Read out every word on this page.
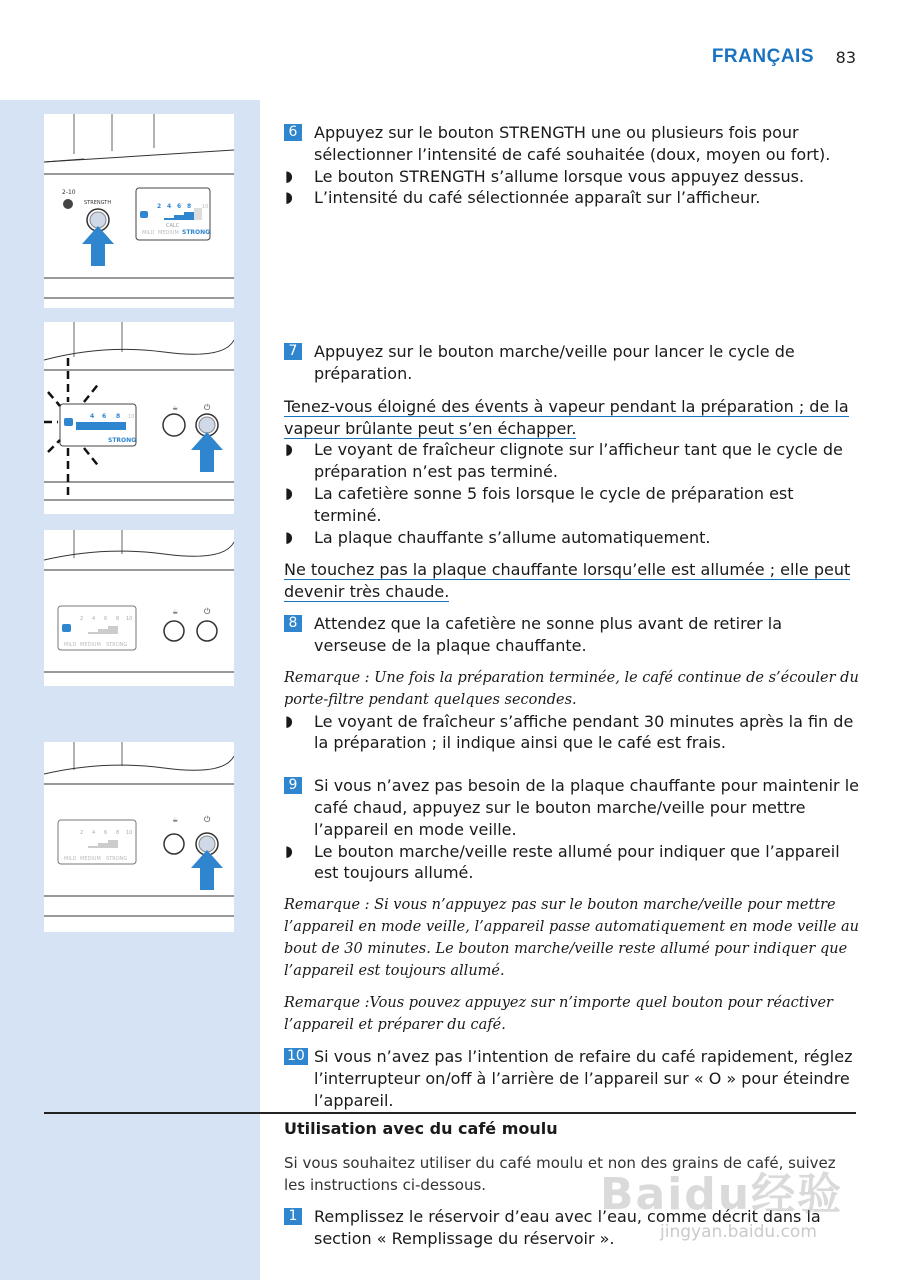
FRANÇAIS 83
2-10
STRENGTH	2 4 6 8 10
CALC
MILD MEDIUM STRONG
4 6 8 10
STRONG
☕	⏻
2 4 6 8 10
MILD MEDIUM STRONG
☕	⏻
2 4 6 8 10
MILD MEDIUM STRONG
☕	⏻
6 Appuyez sur le bouton STRENGTH une ou plusieurs fois pour sélectionner l’intensité de café souhaitée (doux, moyen ou fort).
◗ Le bouton STRENGTH s’allume lorsque vous appuyez dessus.
◗ L’intensité du café sélectionnée apparaît sur l’afficheur.
7 Appuyez sur le bouton marche/veille pour lancer le cycle de préparation.

Tenez-vous éloigné des évents à vapeur pendant la préparation ; de la vapeur brûlante peut s’en échapper.

◗ Le voyant de fraîcheur clignote sur l’afficheur tant que le cycle de préparation n’est pas terminé.
◗ La cafetière sonne 5 fois lorsque le cycle de préparation est terminé.
◗ La plaque chauffante s’allume automatiquement.

Ne touchez pas la plaque chauffante lorsqu’elle est allumée ; elle peut devenir très chaude.

8 Attendez que la cafetière ne sonne plus avant de retirer la verseuse de la plaque chauffante.

Remarque : Une fois la préparation terminée, le café continue de s’écouler du porte-filtre pendant quelques secondes.

◗ Le voyant de fraîcheur s’affiche pendant 30 minutes après la fin de la préparation ; il indique ainsi que le café est frais.
9 Si vous n’avez pas besoin de la plaque chauffante pour maintenir le café chaud, appuyez sur le bouton marche/veille pour mettre l’appareil en mode veille.
◗ Le bouton marche/veille reste allumé pour indiquer que l’appareil est toujours allumé.

Remarque : Si vous n’appuyez pas sur le bouton marche/veille pour mettre l’appareil en mode veille, l’appareil passe automatiquement en mode veille au bout de 30 minutes. Le bouton marche/veille reste allumé pour indiquer que l’appareil est toujours allumé.

Remarque :Vous pouvez appuyez sur n’importe quel bouton pour réactiver l’appareil et préparer du café.

10 Si vous n’avez pas l’intention de refaire du café rapidement, réglez l’interrupteur on/off à l’arrière de l’appareil sur « O » pour éteindre l’appareil.

Utilisation avec du café moulu

Si vous souhaitez utiliser du café moulu et non des grains de café, suivez les instructions ci-dessous.

1 Remplissez le réservoir d’eau avec l’eau, comme décrit dans la section « Remplissage du réservoir ».
Baidu经验
jingyan.baidu.com
